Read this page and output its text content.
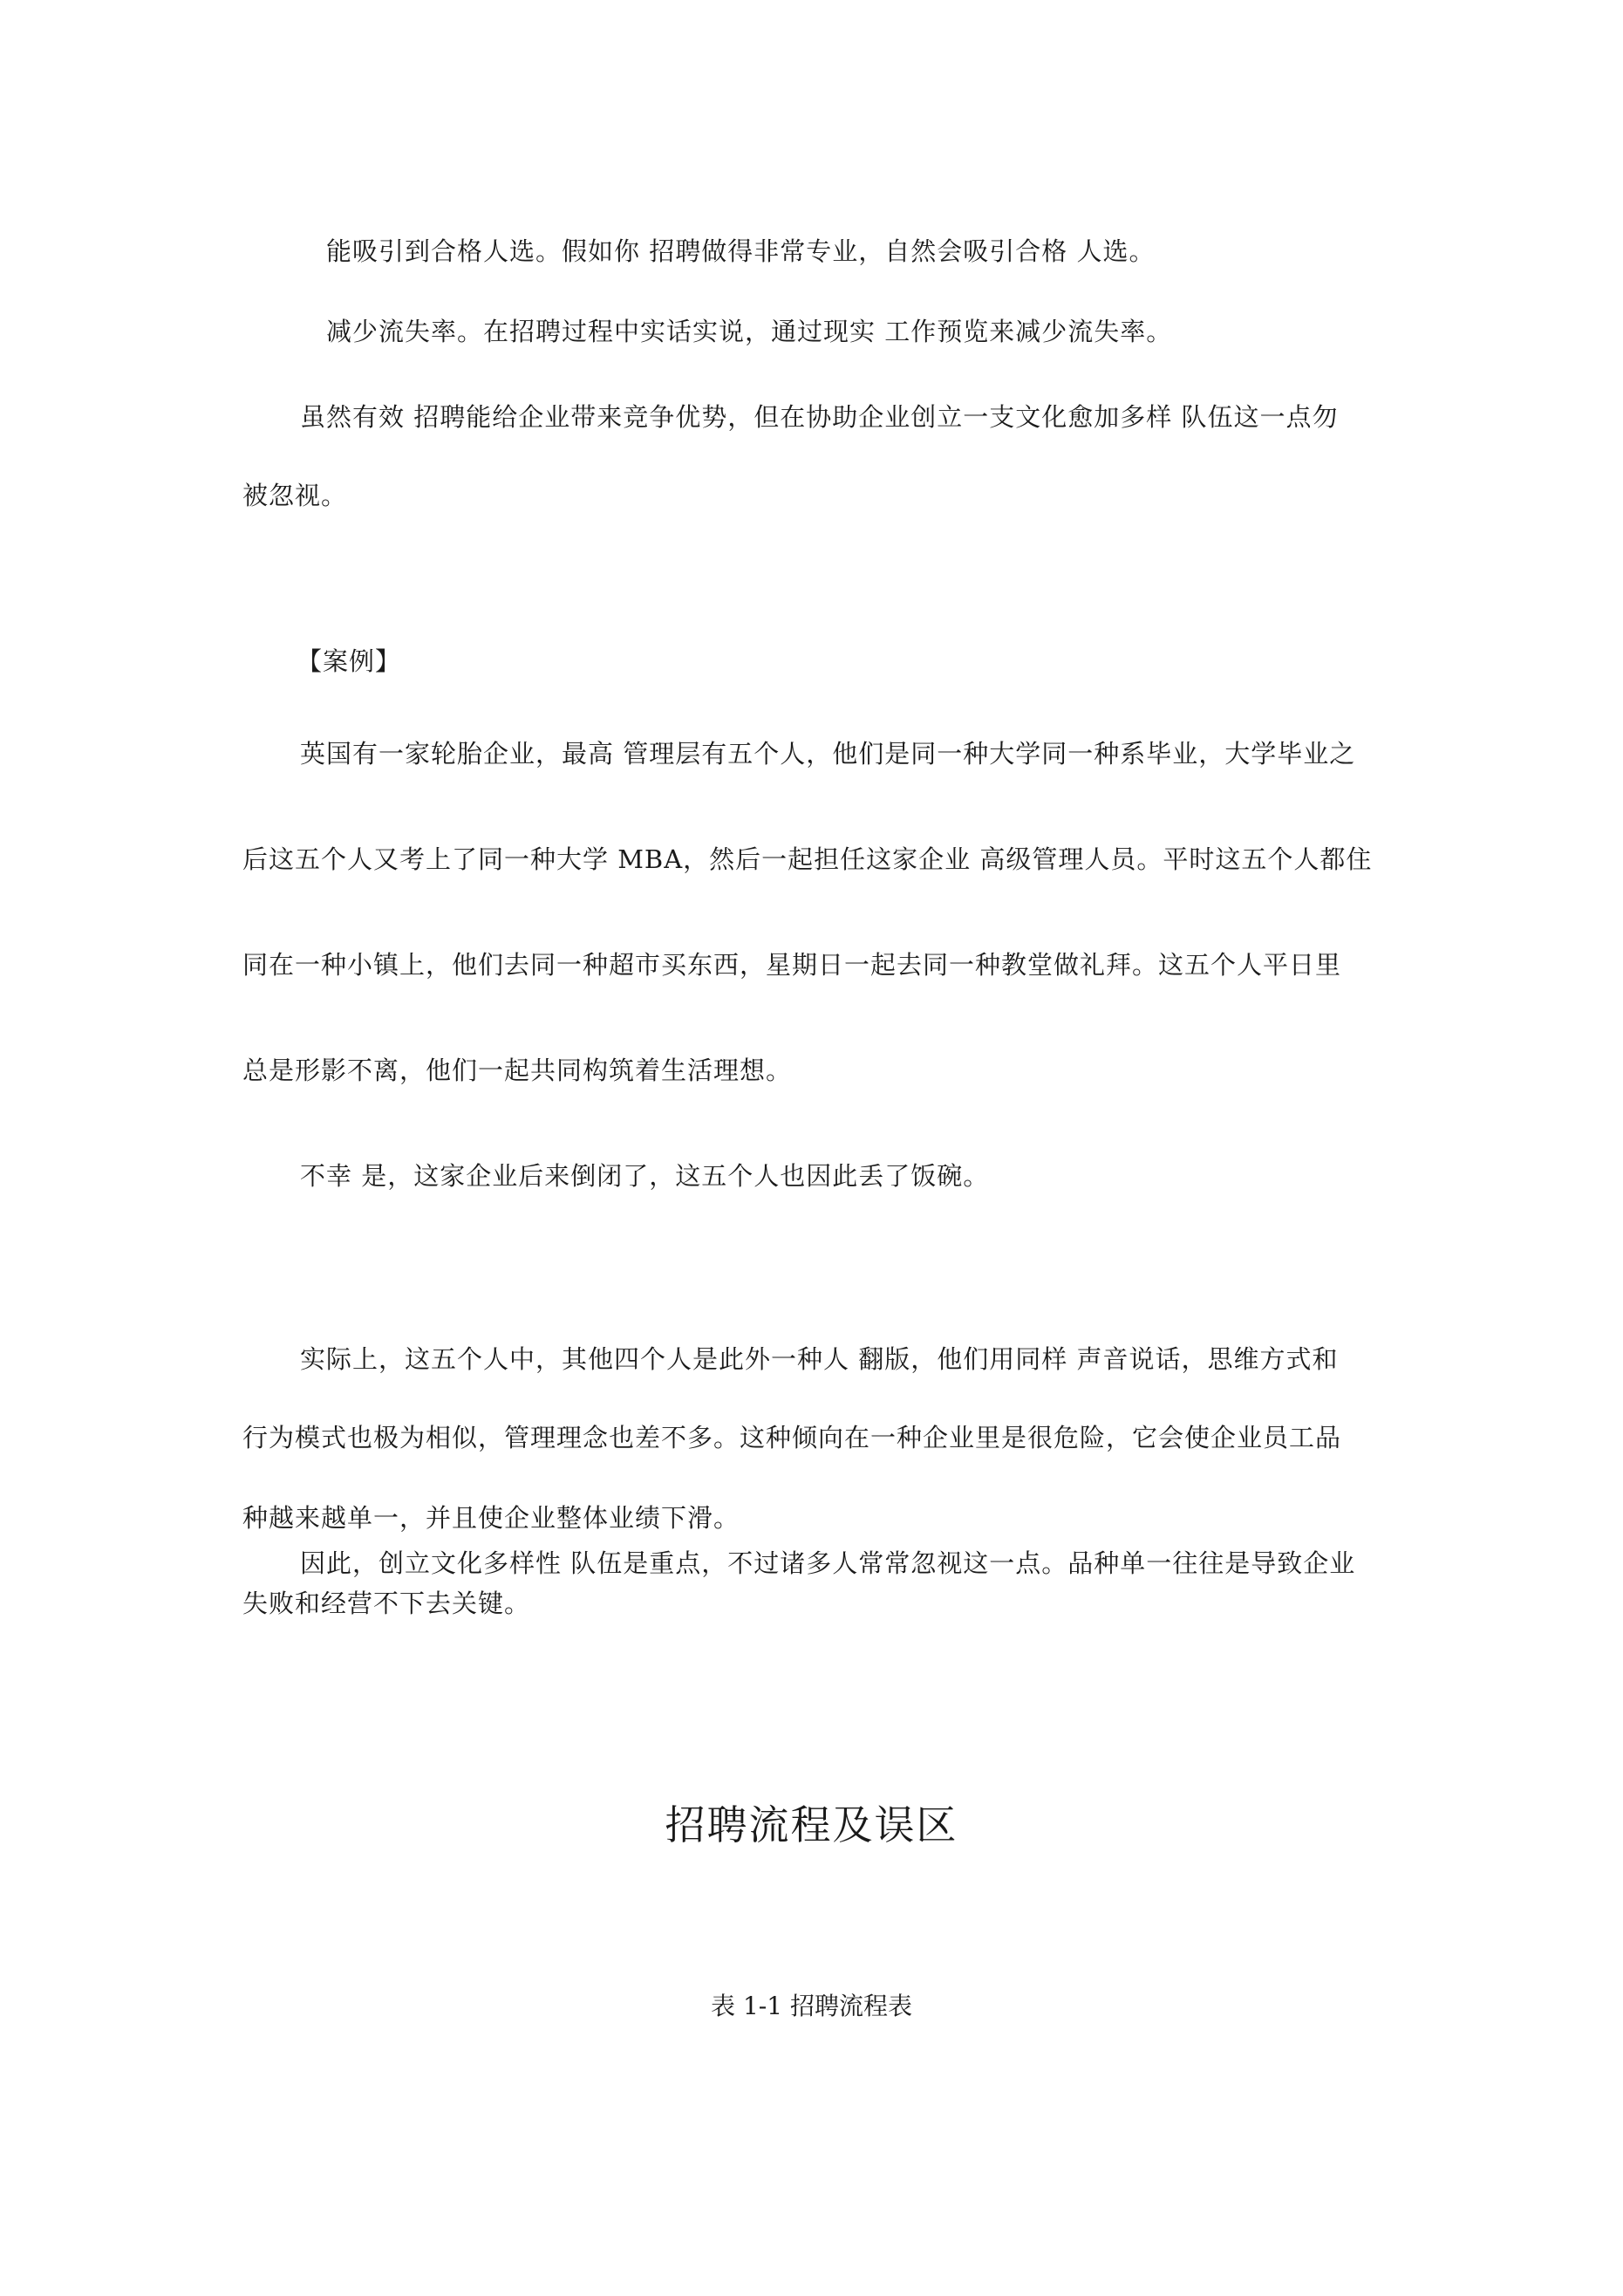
能吸引到合格人选。假如你 招聘做得非常专业，自然会吸引合格 人选。
减少流失率。在招聘过程中实话实说，通过现实 工作预览来减少流失率。
虽然有效 招聘能给企业带来竞争优势，但在协助企业创立一支文化愈加多样 队伍这一点勿
被忽视。
【案例】
英国有一家轮胎企业，最高 管理层有五个人，他们是同一种大学同一种系毕业，大学毕业之
后这五个人又考上了同一种大学 MBA，然后一起担任这家企业 高级管理人员。平时这五个人都住
同在一种小镇上，他们去同一种超市买东西，星期日一起去同一种教堂做礼拜。这五个人平日里
总是形影不离，他们一起共同构筑着生活理想。
不幸 是，这家企业后来倒闭了，这五个人也因此丢了饭碗。
实际上，这五个人中，其他四个人是此外一种人 翻版，他们用同样 声音说话，思维方式和
行为模式也极为相似，管理理念也差不多。这种倾向在一种企业里是很危险，它会使企业员工品
种越来越单一，并且使企业整体业绩下滑。
因此，创立文化多样性 队伍是重点，不过诸多人常常忽视这一点。品种单一往往是导致企业
失败和经营不下去关键。
招聘流程及误区
表 1-1 招聘流程表
